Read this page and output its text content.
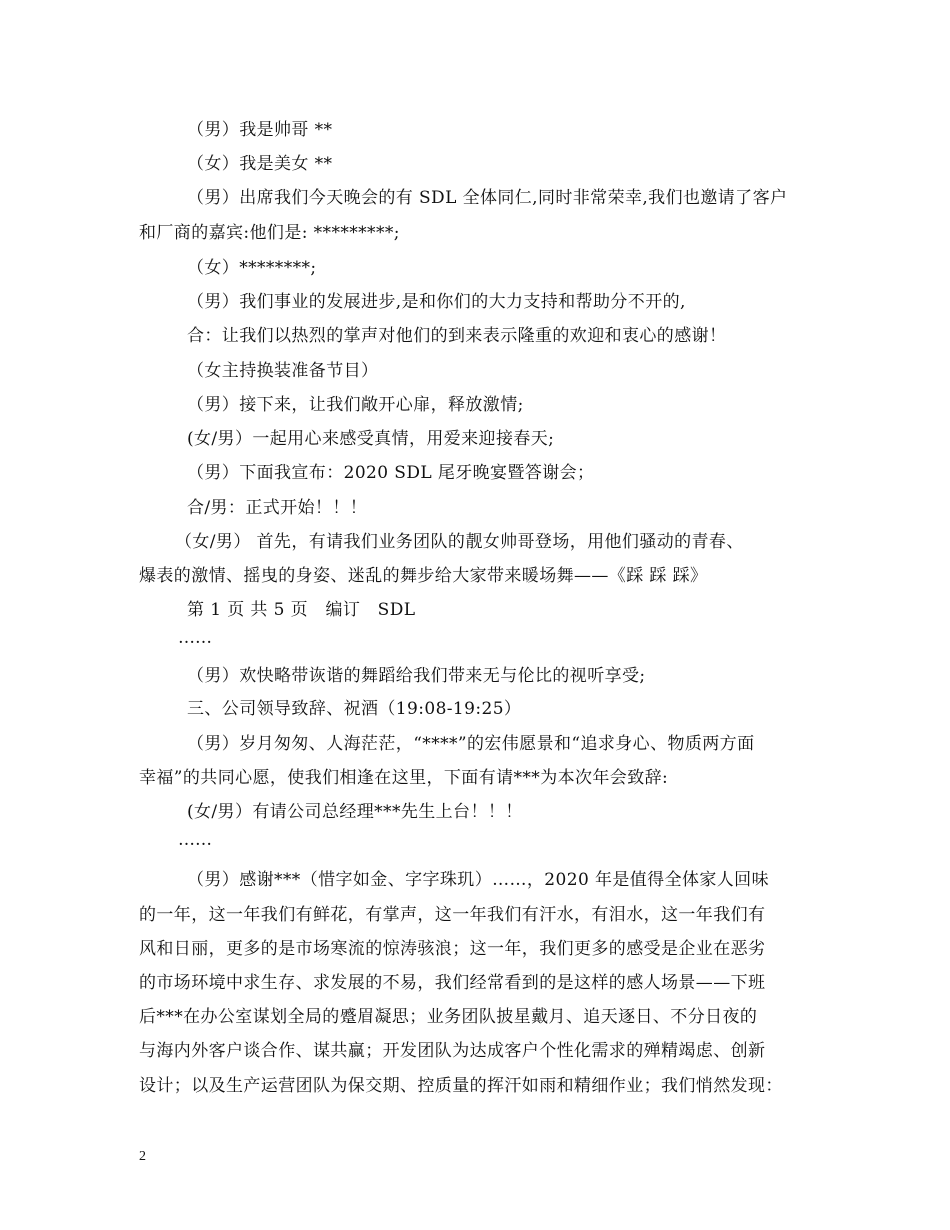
（男）我是帅哥 **
（女）我是美女 **
（男）出席我们今天晚会的有 SDL 全体同仁,同时非常荣幸,我们也邀请了客户
和厂商的嘉宾:他们是: *********;
（女）********;
（男）我们事业的发展进步,是和你们的大力支持和帮助分不开的,
合：让我们以热烈的掌声对他们的到来表示隆重的欢迎和衷心的感谢！
（女主持换装准备节目）
（男）接下来，让我们敞开心扉，释放激情;
(女/男）一起用心来感受真情，用爱来迎接春天;
（男）下面我宣布：2020 SDL 尾牙晚宴暨答谢会；
合/男：正式开始！！！
（女/男） 首先，有请我们业务团队的靓女帅哥登场，用他们骚动的青春、
爆表的激情、摇曳的身姿、迷乱的舞步给大家带来暖场舞——《踩 踩 踩》
第 1 页 共 5 页　编订　SDL
……
（男）欢快略带诙谐的舞蹈给我们带来无与伦比的视听享受;
三、公司领导致辞、祝酒（19:08-19:25）
（男）岁月匆匆、人海茫茫，“****”的宏伟愿景和“追求身心、物质两方面
幸福”的共同心愿，使我们相逢在这里，下面有请***为本次年会致辞:
(女/男）有请公司总经理***先生上台！！！
……
（男）感谢***（惜字如金、字字珠玑）……，2020 年是值得全体家人回味
的一年，这一年我们有鲜花，有掌声，这一年我们有汗水，有泪水，这一年我们有
风和日丽，更多的是市场寒流的惊涛骇浪；这一年，我们更多的感受是企业在恶劣
的市场环境中求生存、求发展的不易，我们经常看到的是这样的感人场景——下班
后***在办公室谋划全局的蹙眉凝思；业务团队披星戴月、追天逐日、不分日夜的
与海内外客户谈合作、谋共赢；开发团队为达成客户个性化需求的殚精竭虑、创新
设计；以及生产运营团队为保交期、控质量的挥汗如雨和精细作业；我们悄然发现：
2
